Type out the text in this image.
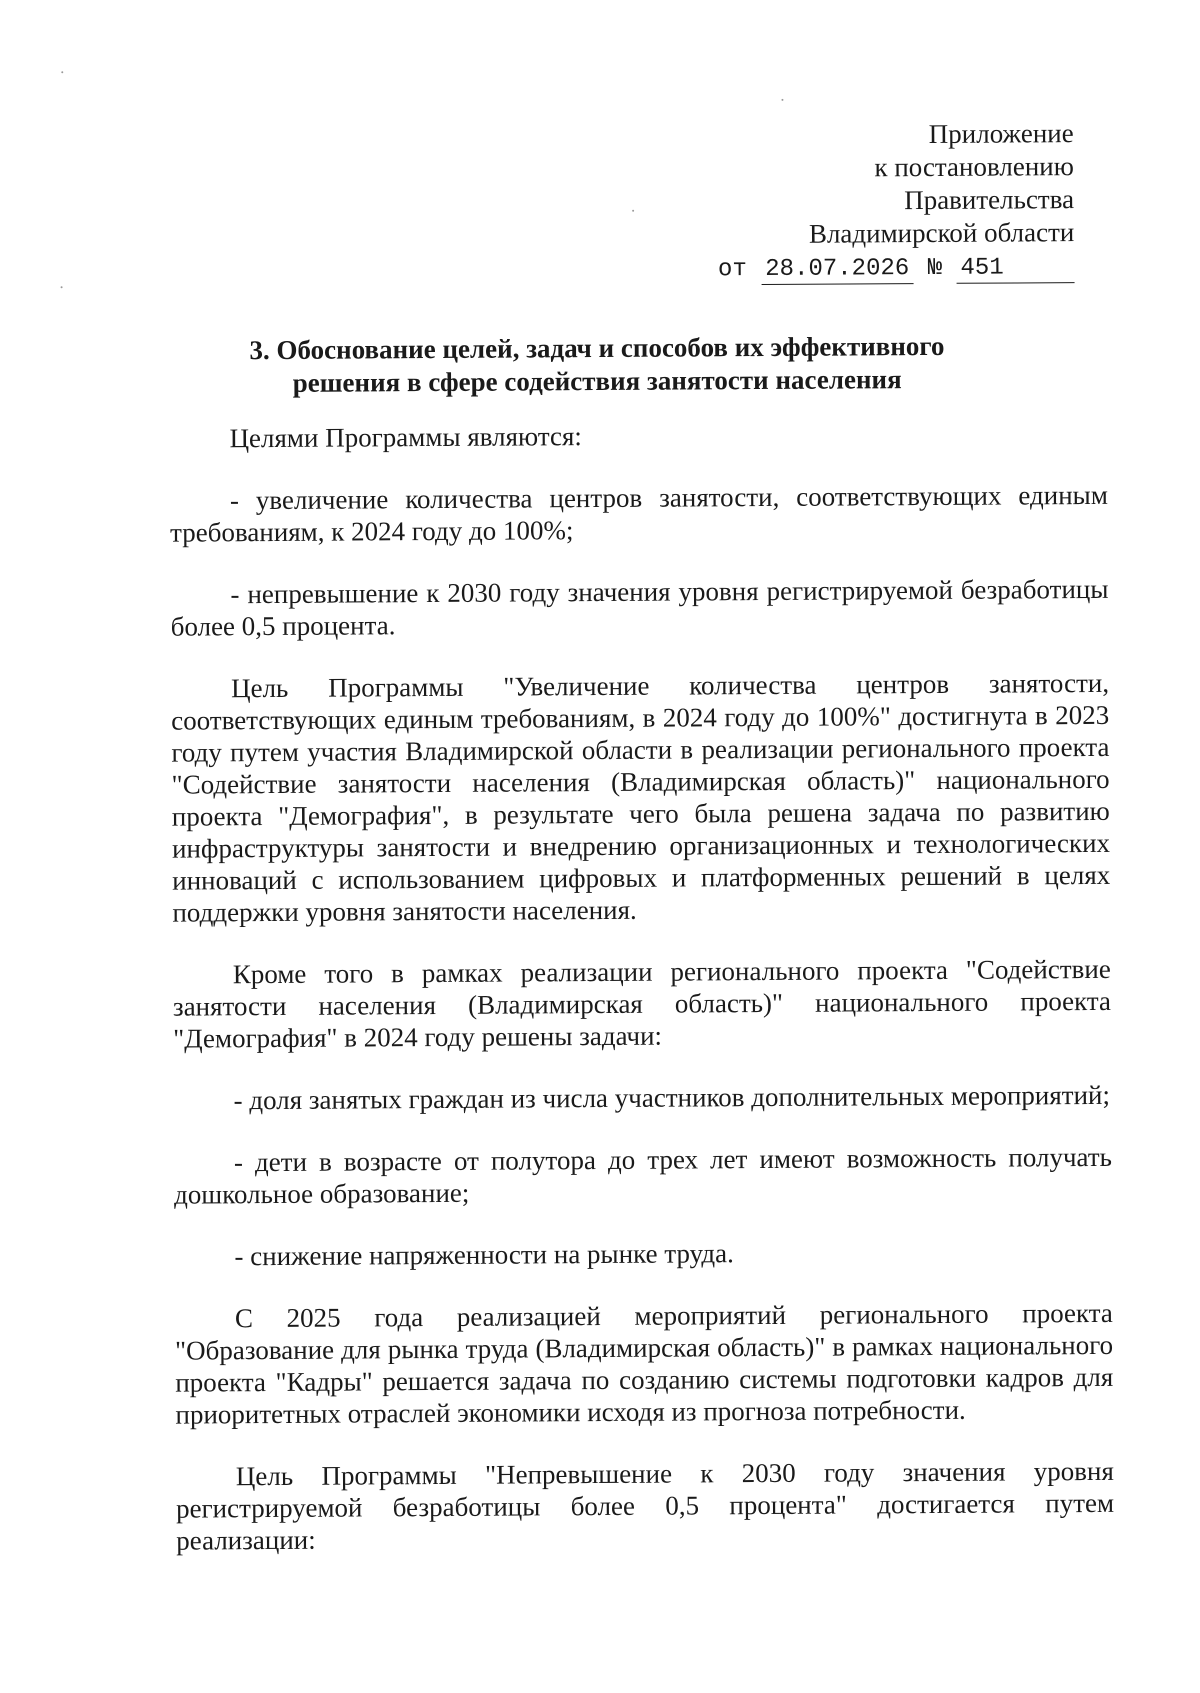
Приложение
к постановлению
Правительства
Владимирской области
от 28.07.2026 № 451
3. Обоснование целей, задач и способов их эффективного
решения в сфере содействия занятости населения

Целями Программы являются:

- увеличение количества центров занятости, соответствующих единым требованиям, к 2024 году до 100%;

- непревышение к 2030 году значения уровня регистрируемой безработицы более 0,5 процента.

Цель Программы "Увеличение количества центров занятости, соответствующих единым требованиям, в 2024 году до 100%" достигнута в 2023 году путем участия Владимирской области в реализации регионального проекта "Содействие занятости населения (Владимирская область)" национального проекта "Демография", в результате чего была решена задача по развитию инфраструктуры занятости и внедрению организационных и технологических инноваций с использованием цифровых и платформенных решений в целях поддержки уровня занятости населения.

Кроме того в рамках реализации регионального проекта "Содействие занятости населения (Владимирская область)" национального проекта "Демография" в 2024 году решены задачи:

- доля занятых граждан из числа участников дополнительных мероприятий;

- дети в возрасте от полутора до трех лет имеют возможность получать дошкольное образование;

- снижение напряженности на рынке труда.

С 2025 года реализацией мероприятий регионального проекта "Образование для рынка труда (Владимирская область)" в рамках национального проекта "Кадры" решается задача по созданию системы подготовки кадров для приоритетных отраслей экономики исходя из прогноза потребности.

Цель Программы "Непревышение к 2030 году значения уровня регистрируемой безработицы более 0,5 процента" достигается путем реализации:
